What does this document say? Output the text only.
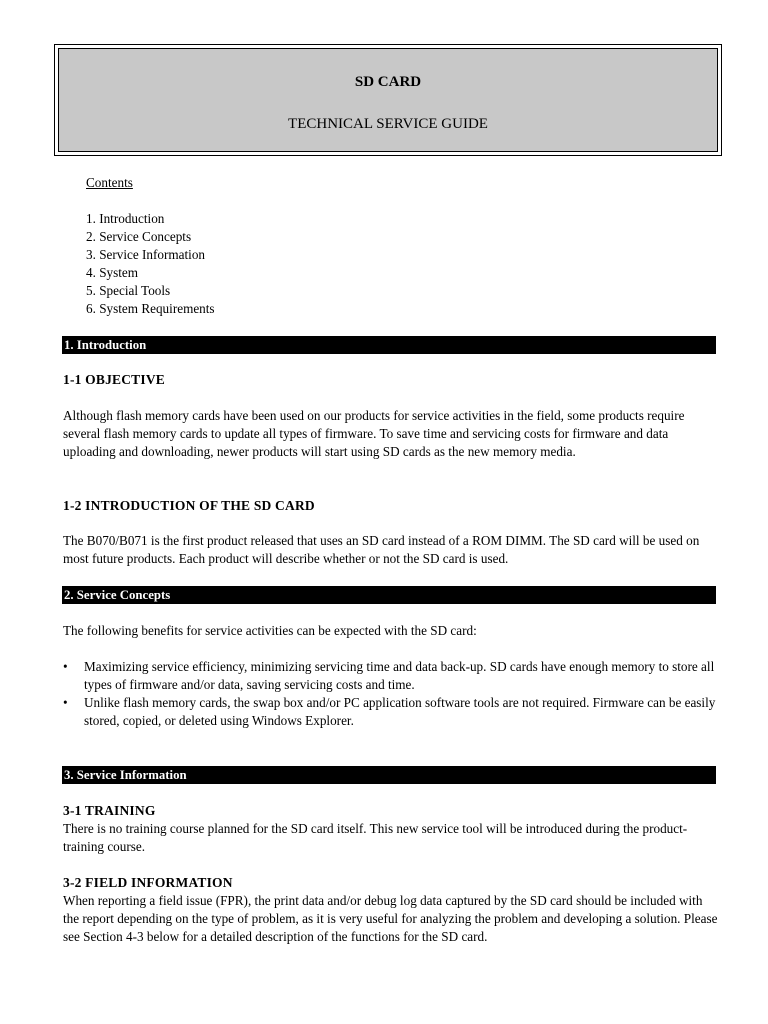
SD CARD
TECHNICAL SERVICE GUIDE
Contents
1. Introduction
2. Service Concepts
3. Service Information
4. System
5. Special Tools
6. System Requirements
1. Introduction
1-1 OBJECTIVE

Although flash memory cards have been used on our products for service activities in the field, some products require several flash memory cards to update all types of firmware. To save time and servicing costs for firmware and data uploading and downloading, newer products will start using SD cards as the new memory media.

1-2 INTRODUCTION OF THE SD CARD

The B070/B071 is the first product released that uses an SD card instead of a ROM DIMM. The SD card will be used on most future products. Each product will describe whether or not the SD card is used.

2. Service Concepts

The following benefits for service activities can be expected with the SD card:

• Maximizing service efficiency, minimizing servicing time and data back-up. SD cards have enough memory to store all types of firmware and/or data, saving servicing costs and time.
• Unlike flash memory cards, the swap box and/or PC application software tools are not required. Firmware can be easily stored, copied, or deleted using Windows Explorer.
3. Service Information
3-1 TRAINING

There is no training course planned for the SD card itself. This new service tool will be introduced during the product-training course.

3-2 FIELD INFORMATION

When reporting a field issue (FPR), the print data and/or debug log data captured by the SD card should be included with the report depending on the type of problem, as it is very useful for analyzing the problem and developing a solution. Please see Section 4-3 below for a detailed description of the functions for the SD card.
